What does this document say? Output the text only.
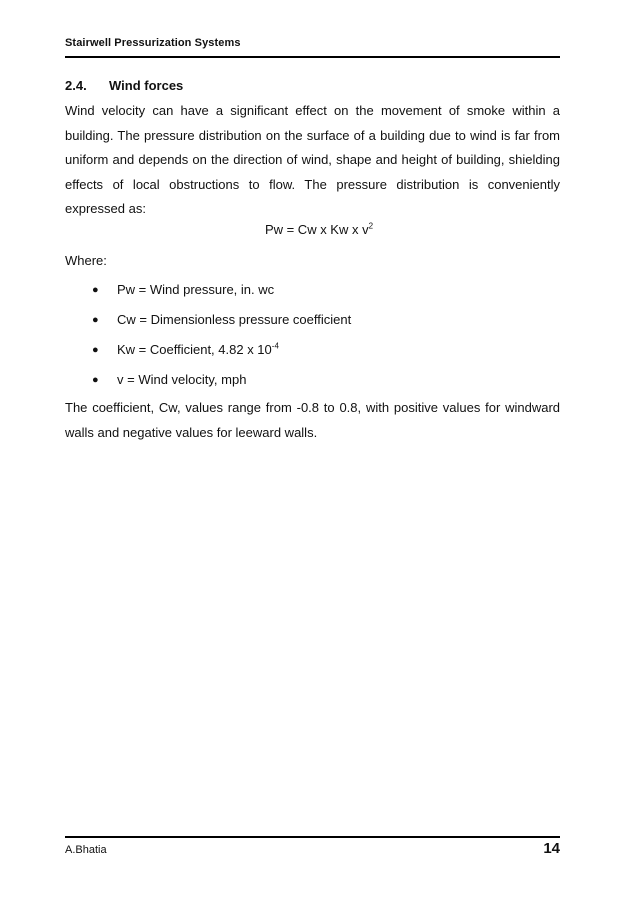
Stairwell Pressurization Systems
2.4. Wind forces

Wind velocity can have a significant effect on the movement of smoke within a building. The pressure distribution on the surface of a building due to wind is far from uniform and depends on the direction of wind, shape and height of building, shielding effects of local obstructions to flow. The pressure distribution is conveniently expressed as:

Pw = Cw x Kw x $v^2$
Where:
● Pw = Wind pressure, in. wc
● Cw = Dimensionless pressure coefficient
● Kw = Coefficient, 4.82 x $10^{-4}$
● v = Wind velocity, mph

The coefficient, Cw, values range from -0.8 to 0.8, with positive values for windward walls and negative values for leeward walls.

A.Bhatia	14
